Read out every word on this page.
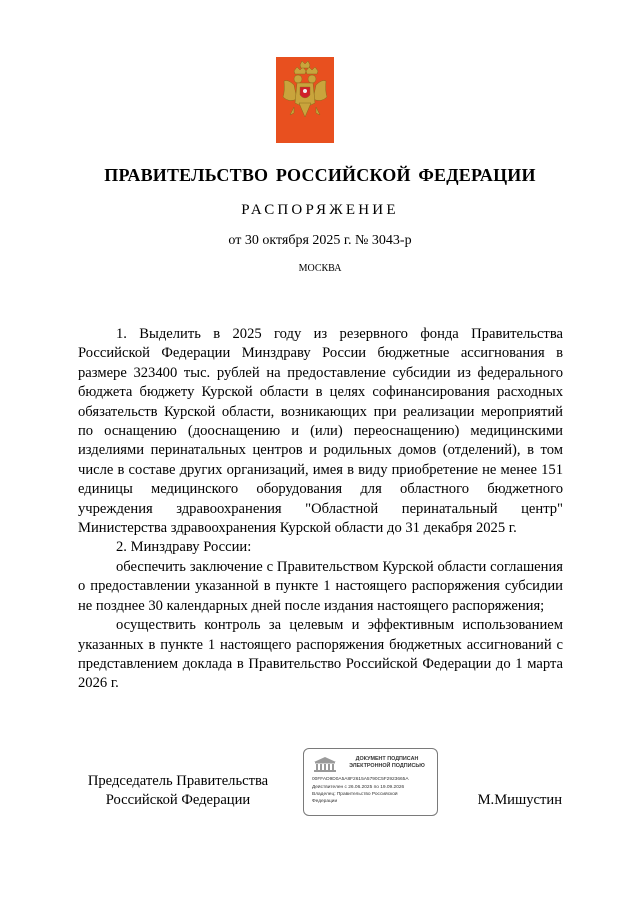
ПРАВИТЕЛЬСТВО РОССИЙСКОЙ ФЕДЕРАЦИИ
РАСПОРЯЖЕНИЕ
от 30 октября 2025 г. № 3043-р
МОСКВА

1. Выделить в 2025 году из резервного фонда Правительства Российской Федерации Минздраву России бюджетные ассигнования в размере 323400 тыс. рублей на предоставление субсидии из федерального бюджета бюджету Курской области в целях софинансирования расходных обязательств Курской области, возникающих при реализации мероприятий по оснащению (дооснащению и (или) переоснащению) медицинскими изделиями перинатальных центров и родильных домов (отделений), в том числе в составе других организаций, имея в виду приобретение не менее 151 единицы медицинского оборудования для областного бюджетного учреждения здравоохранения "Областной перинатальный центр" Министерства здравоохранения Курской области до 31 декабря 2025 г.

2. Минздраву России:

обеспечить заключение с Правительством Курской области соглашения о предоставлении указанной в пункте 1 настоящего распоряжения субсидии не позднее 30 календарных дней после издания настоящего распоряжения;

осуществить контроль за целевым и эффективным использованием указанных в пункте 1 настоящего распоряжения бюджетных ассигнований с представлением доклада в Правительство Российской Федерации до 1 марта 2026 г.

Председатель Правительства
Российской Федерации
ДОКУМЕНТ ПОДПИСАН
ЭЛЕКТРОННОЙ ПОДПИСЬЮ
00FFAD9D0A5A8F2615A5790C5F2923665A
Действителен с 26.06.2025 по 19.09.2026
Владелец: Правительство Российской
Федерации	М.Мишустин
